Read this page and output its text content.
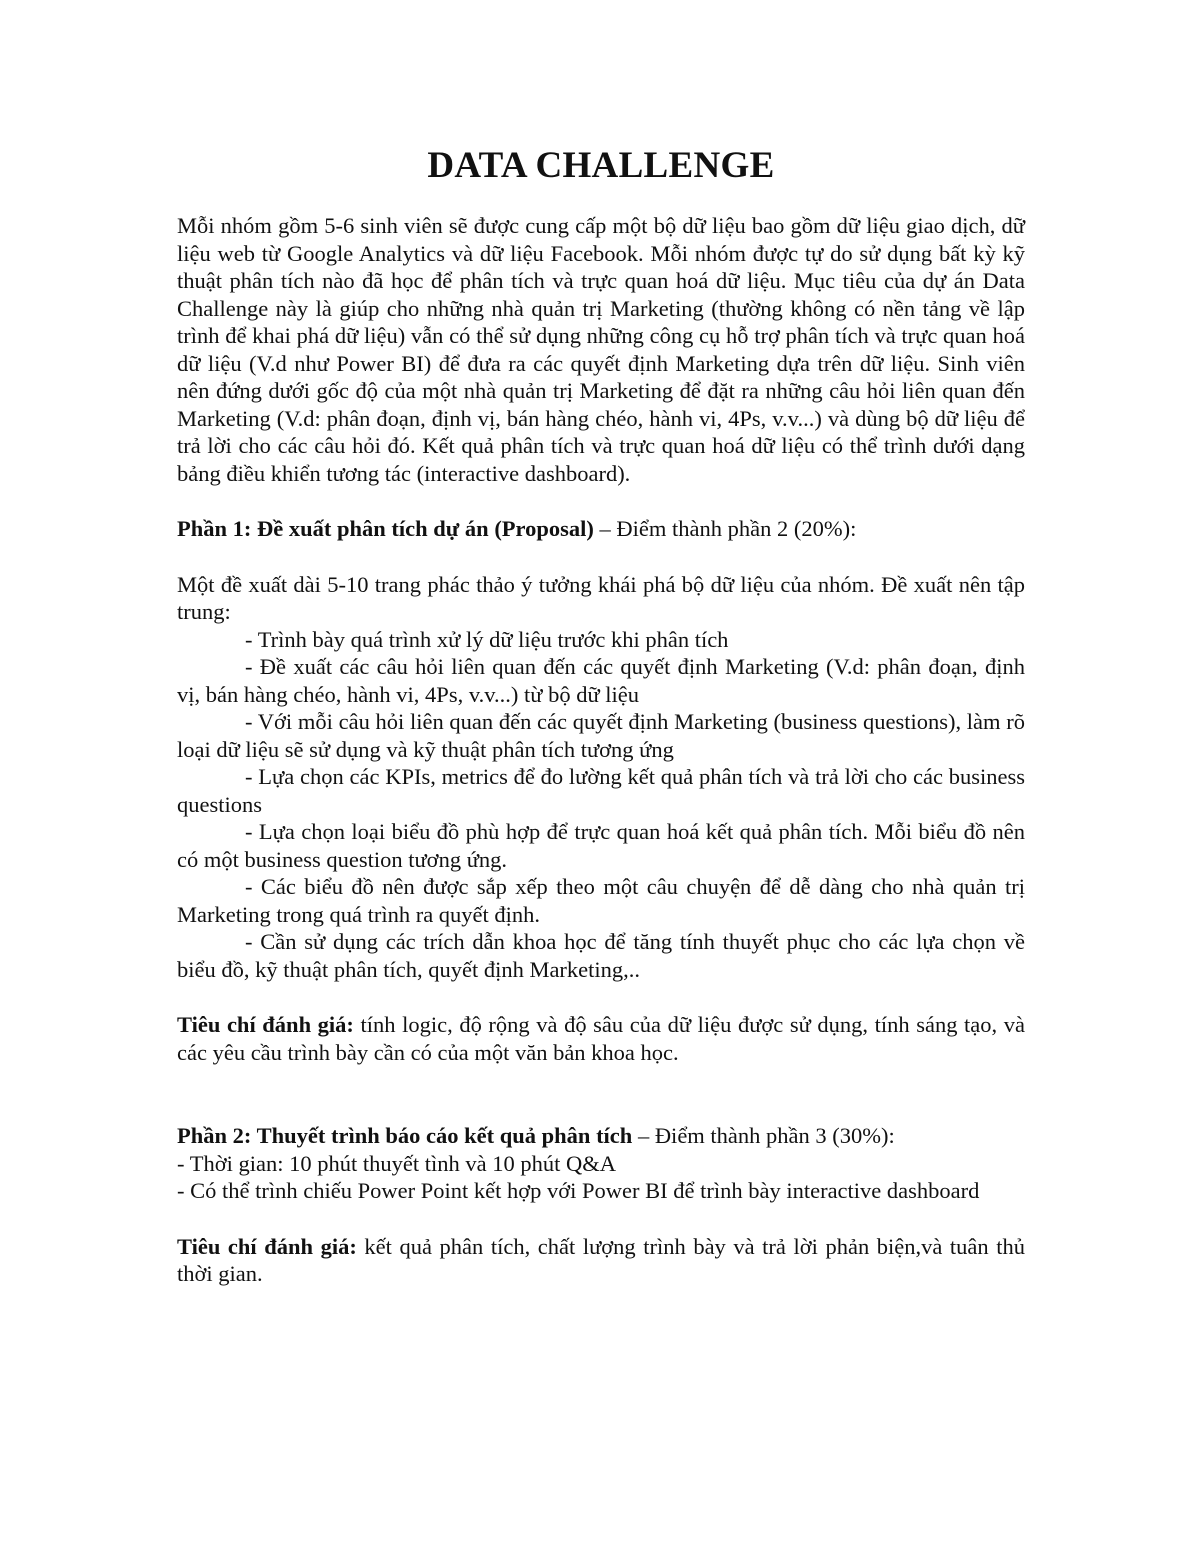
DATA CHALLENGE

Mỗi nhóm gồm 5-6 sinh viên sẽ được cung cấp một bộ dữ liệu bao gồm dữ liệu giao dịch, dữ liệu web từ Google Analytics và dữ liệu Facebook. Mỗi nhóm được tự do sử dụng bất kỳ kỹ thuật phân tích nào đã học để phân tích và trực quan hoá dữ liệu. Mục tiêu của dự án Data Challenge này là giúp cho những nhà quản trị Marketing (thường không có nền tảng về lập trình để khai phá dữ liệu) vẫn có thể sử dụng những công cụ hỗ trợ phân tích và trực quan hoá dữ liệu (V.d như Power BI) để đưa ra các quyết định Marketing dựa trên dữ liệu. Sinh viên nên đứng dưới gốc độ của một nhà quản trị Marketing để đặt ra những câu hỏi liên quan đến Marketing (V.d: phân đoạn, định vị, bán hàng chéo, hành vi, 4Ps, v.v...) và dùng bộ dữ liệu để trả lời cho các câu hỏi đó. Kết quả phân tích và trực quan hoá dữ liệu có thể trình dưới dạng bảng điều khiển tương tác (interactive dashboard).

Phần 1: Đề xuất phân tích dự án (Proposal) – Điểm thành phần 2 (20%):

Một đề xuất dài 5-10 trang phác thảo ý tưởng khái phá bộ dữ liệu của nhóm. Đề xuất nên tập trung:

- Trình bày quá trình xử lý dữ liệu trước khi phân tích

- Đề xuất các câu hỏi liên quan đến các quyết định Marketing (V.d: phân đoạn, định vị, bán hàng chéo, hành vi, 4Ps, v.v...) từ bộ dữ liệu

- Với mỗi câu hỏi liên quan đến các quyết định Marketing (business questions), làm rõ loại dữ liệu sẽ sử dụng và kỹ thuật phân tích tương ứng

- Lựa chọn các KPIs, metrics để đo lường kết quả phân tích và trả lời cho các business questions

- Lựa chọn loại biểu đồ phù hợp để trực quan hoá kết quả phân tích. Mỗi biểu đồ nên có một business question tương ứng.

- Các biểu đồ nên được sắp xếp theo một câu chuyện để dễ dàng cho nhà quản trị Marketing trong quá trình ra quyết định.

- Cần sử dụng các trích dẫn khoa học để tăng tính thuyết phục cho các lựa chọn về biểu đồ, kỹ thuật phân tích, quyết định Marketing,..

Tiêu chí đánh giá: tính logic, độ rộng và độ sâu của dữ liệu được sử dụng, tính sáng tạo, và các yêu cầu trình bày cần có của một văn bản khoa học.

Phần 2: Thuyết trình báo cáo kết quả phân tích – Điểm thành phần 3 (30%):

- Thời gian: 10 phút thuyết tình và 10 phút Q&A

- Có thể trình chiếu Power Point kết hợp với Power BI để trình bày interactive dashboard

Tiêu chí đánh giá: kết quả phân tích, chất lượng trình bày và trả lời phản biện,và tuân thủ thời gian.
